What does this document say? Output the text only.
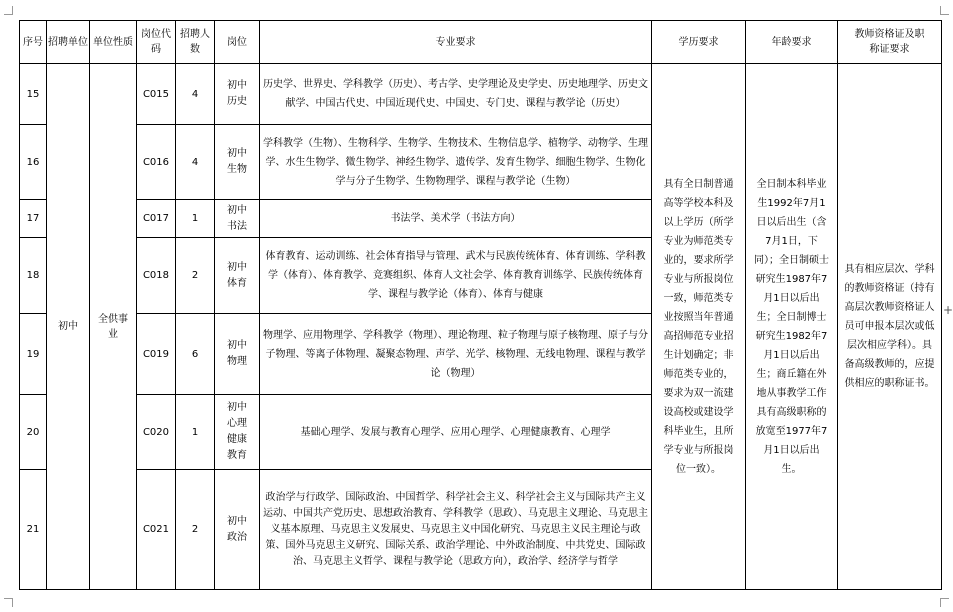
+
序号	招聘单位	单位性质	岗位代码	招聘人数	岗位	专业要求	学历要求	年龄要求	教师资格证及职称证要求
15	初中	全供事业	C015	4	初中历史	历史学、世界史、学科教学（历史）、考古学、史学理论及史学史、历史地理学、历史文献学、中国古代史、中国近现代史、中国史、专门史、课程与教学论（历史）	具有全日制普通高等学校本科及以上学历（所学专业为师范类专业的，要求所学专业与所报岗位一致，师范类专业按照当年普通高招师范专业招生计划确定；非师范类专业的，要求为双一流建设高校或建设学科毕业生，且所学专业与所报岗位一致）。	全日制本科毕业生1992年7月1日以后出生（含7月1日，下同）；全日制硕士研究生1987年7月1日以后出生；全日制博士研究生1982年7月1日以后出生；商丘籍在外地从事教学工作具有高级职称的放宽至1977年7月1日以后出生。	具有相应层次、学科的教师资格证（持有高层次教师资格证人员可申报本层次或低层次相应学科）。具备高级教师的，应提供相应的职称证书。
16			C016	4	初中生物	学科教学（生物）、生物科学、生物学、生物技术、生物信息学、植物学、动物学、生理学、水生生物学、微生物学、神经生物学、遗传学、发育生物学、细胞生物学、生物化学与分子生物学、生物物理学、课程与教学论（生物）			
17			C017	1	初中书法	书法学、美术学（书法方向）			
18			C018	2	初中体育	体育教育、运动训练、社会体育指导与管理、武术与民族传统体育、体育训练、学科教学（体育）、体育教学、竞赛组织、体育人文社会学、体育教育训练学、民族传统体育学、课程与教学论（体育）、体育与健康			
19			C019	6	初中物理	物理学、应用物理学、学科教学（物理）、理论物理、粒子物理与原子核物理、原子与分子物理、等离子体物理、凝聚态物理、声学、光学、核物理、无线电物理、课程与教学论（物理）			
20			C020	1	初中心理健康教育	基础心理学、发展与教育心理学、应用心理学、心理健康教育、心理学			
21			C021	2	初中政治	政治学与行政学、国际政治、中国哲学、科学社会主义、科学社会主义与国际共产主义运动、中国共产党历史、思想政治教育、学科教学（思政）、马克思主义理论、马克思主义基本原理、马克思主义发展史、马克思主义中国化研究、马克思主义民主理论与政策、国外马克思主义研究、国际关系、政治学理论、中外政治制度、中共党史、国际政治、马克思主义哲学、课程与教学论（思政方向），政治学、经济学与哲学			
